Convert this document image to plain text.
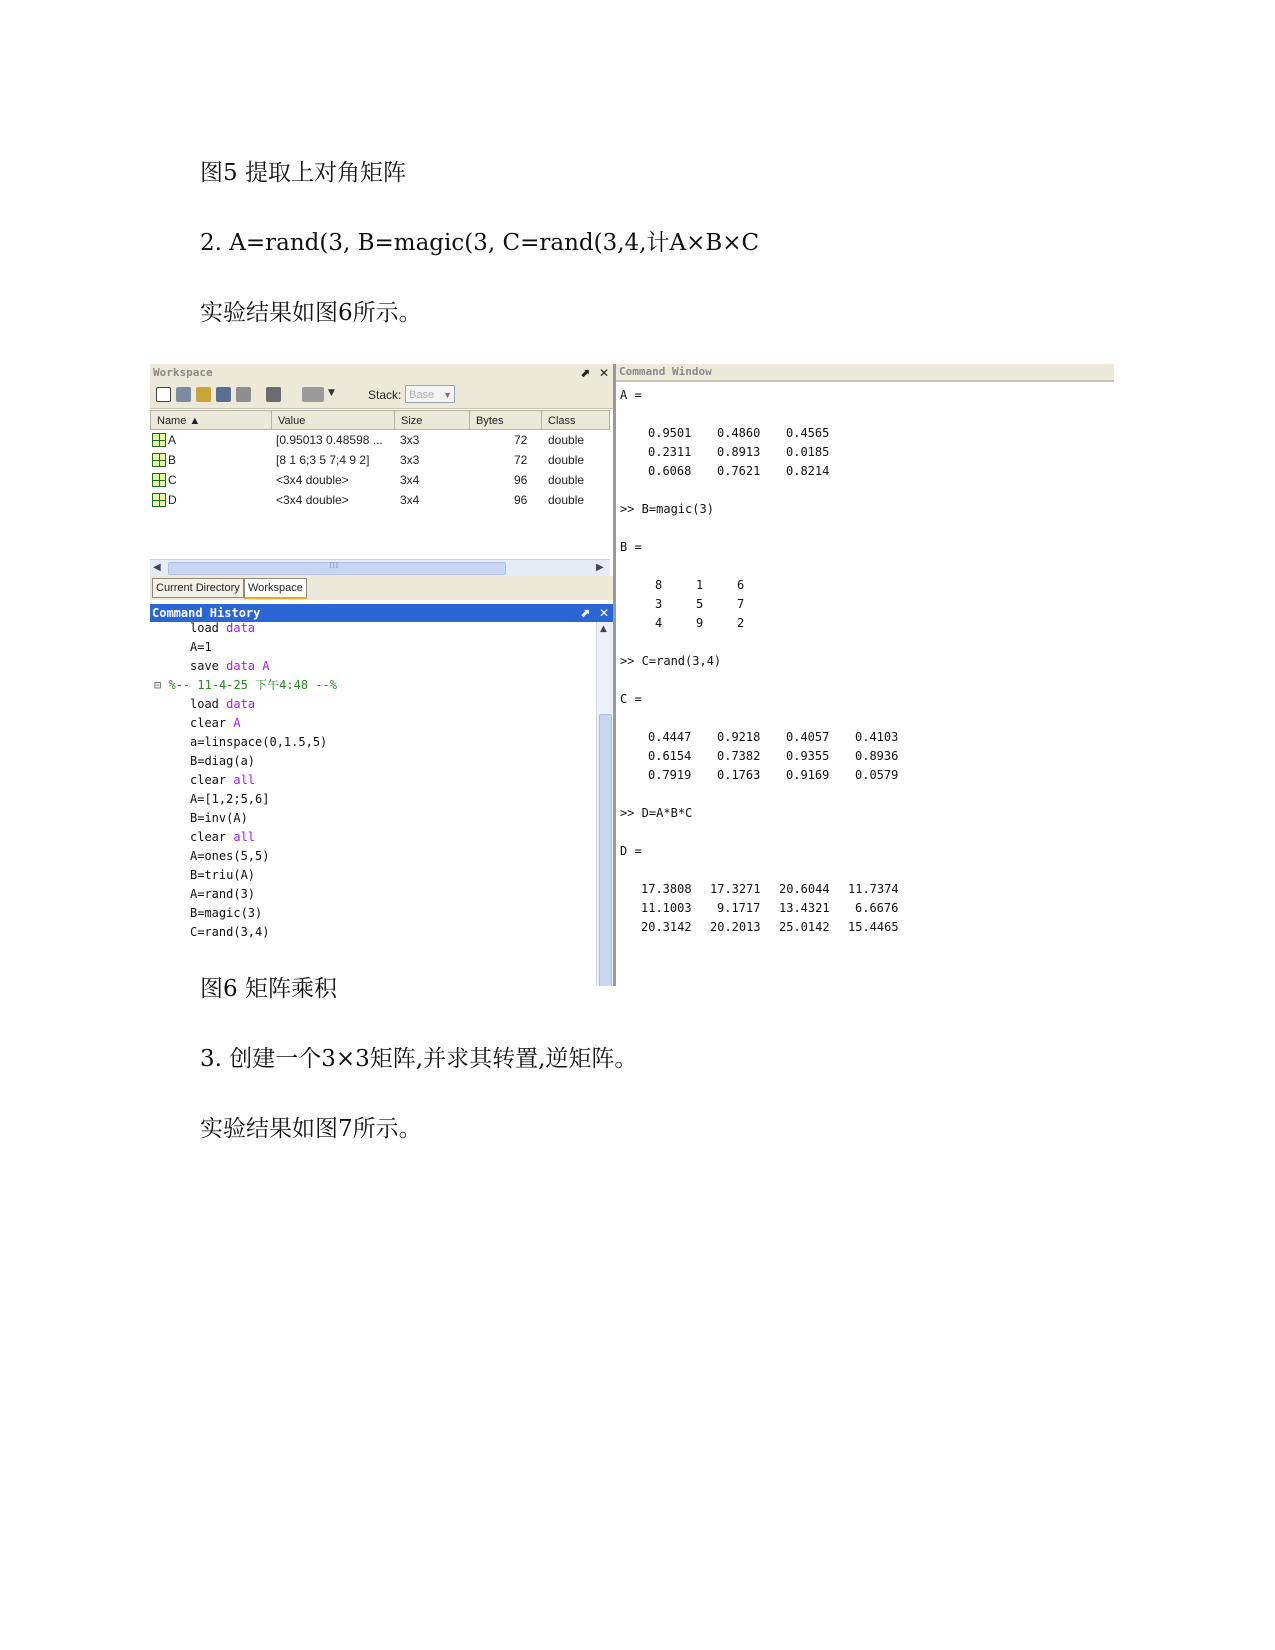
图5 提取上对角矩阵
2. A=rand(3, B=magic(3, C=rand(3,4,计A×B×C
实验结果如图6所示。
Workspace	⬈ ✕
▼	Stack: Base ▼
Name ▲	Value	Size	Bytes	Class
A	[0.95013 0.48598 ...	3x3	72 double
B	[8 1 6;3 5 7;4 9 2]	3x3	72 double
C	<3x4 double>	3x4	96 double
D	<3x4 double>	3x4	96 double
◀	III	▶
Current Directory Workspace
Command History	⬈ ✕
load data
A=1
save data A
⊟ %-- 11-4-25 下午4:48 --%
load data
clear A
a=linspace(0,1.5,5)
B=diag(a)
clear all
A=[1,2;5,6]
B=inv(A)
clear all
A=ones(5,5)
B=triu(A)
A=rand(3)
B=magic(3)
C=rand(3,4)
▲
Command Window
A =
0.9501 0.4860 0.4565
0.2311 0.8913 0.0185
0.6068 0.7621 0.8214
>> B=magic(3)
B =
8	1	6
3	5	7
4	9	2
>> C=rand(3,4)
C =
0.4447 0.9218 0.4057 0.4103
0.6154 0.7382 0.9355 0.8936
0.7919 0.1763 0.9169 0.0579
>> D=A*B*C
D =
17.3808 17.3271 20.6044 11.7374
11.1003 9.1717 13.4321 6.6676
20.3142 20.2013 25.0142 15.4465
图6 矩阵乘积
3. 创建一个3×3矩阵,并求其转置,逆矩阵。
实验结果如图7所示。
